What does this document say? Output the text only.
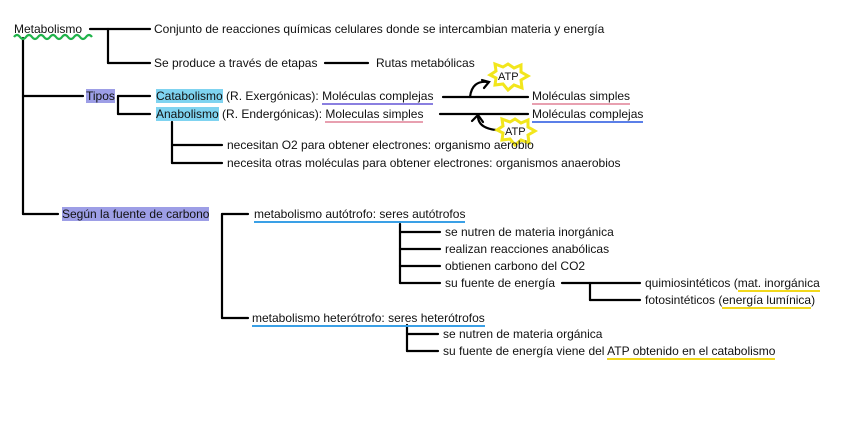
Metabolismo	Conjunto de reacciones químicas celulares donde se intercambian materia y energía
Se produce a través de etapas	Rutas metabólicas
Tipos	Catabolismo (R. Exergónicas): Moléculas complejas	Moléculas simples
Anabolismo (R. Endergónicas): Moleculas simples	Moléculas complejas
ATP
ATP
necesitan O2 para obtener electrones: organismo aerobio
necesita otras moléculas para obtener electrones: organismos anaerobios
Según la fuente de carbono	metabolismo autótrofo: seres autótrofos
se nutren de materia inorgánica
realizan reacciones anabólicas
obtienen carbono del CO2
su fuente de energía	quimiosintéticos (mat. inorgánica
fotosintéticos (energía lumínica)
metabolismo heterótrofo: seres heterótrofos
se nutren de materia orgánica
su fuente de energía viene del ATP obtenido en el catabolismo
